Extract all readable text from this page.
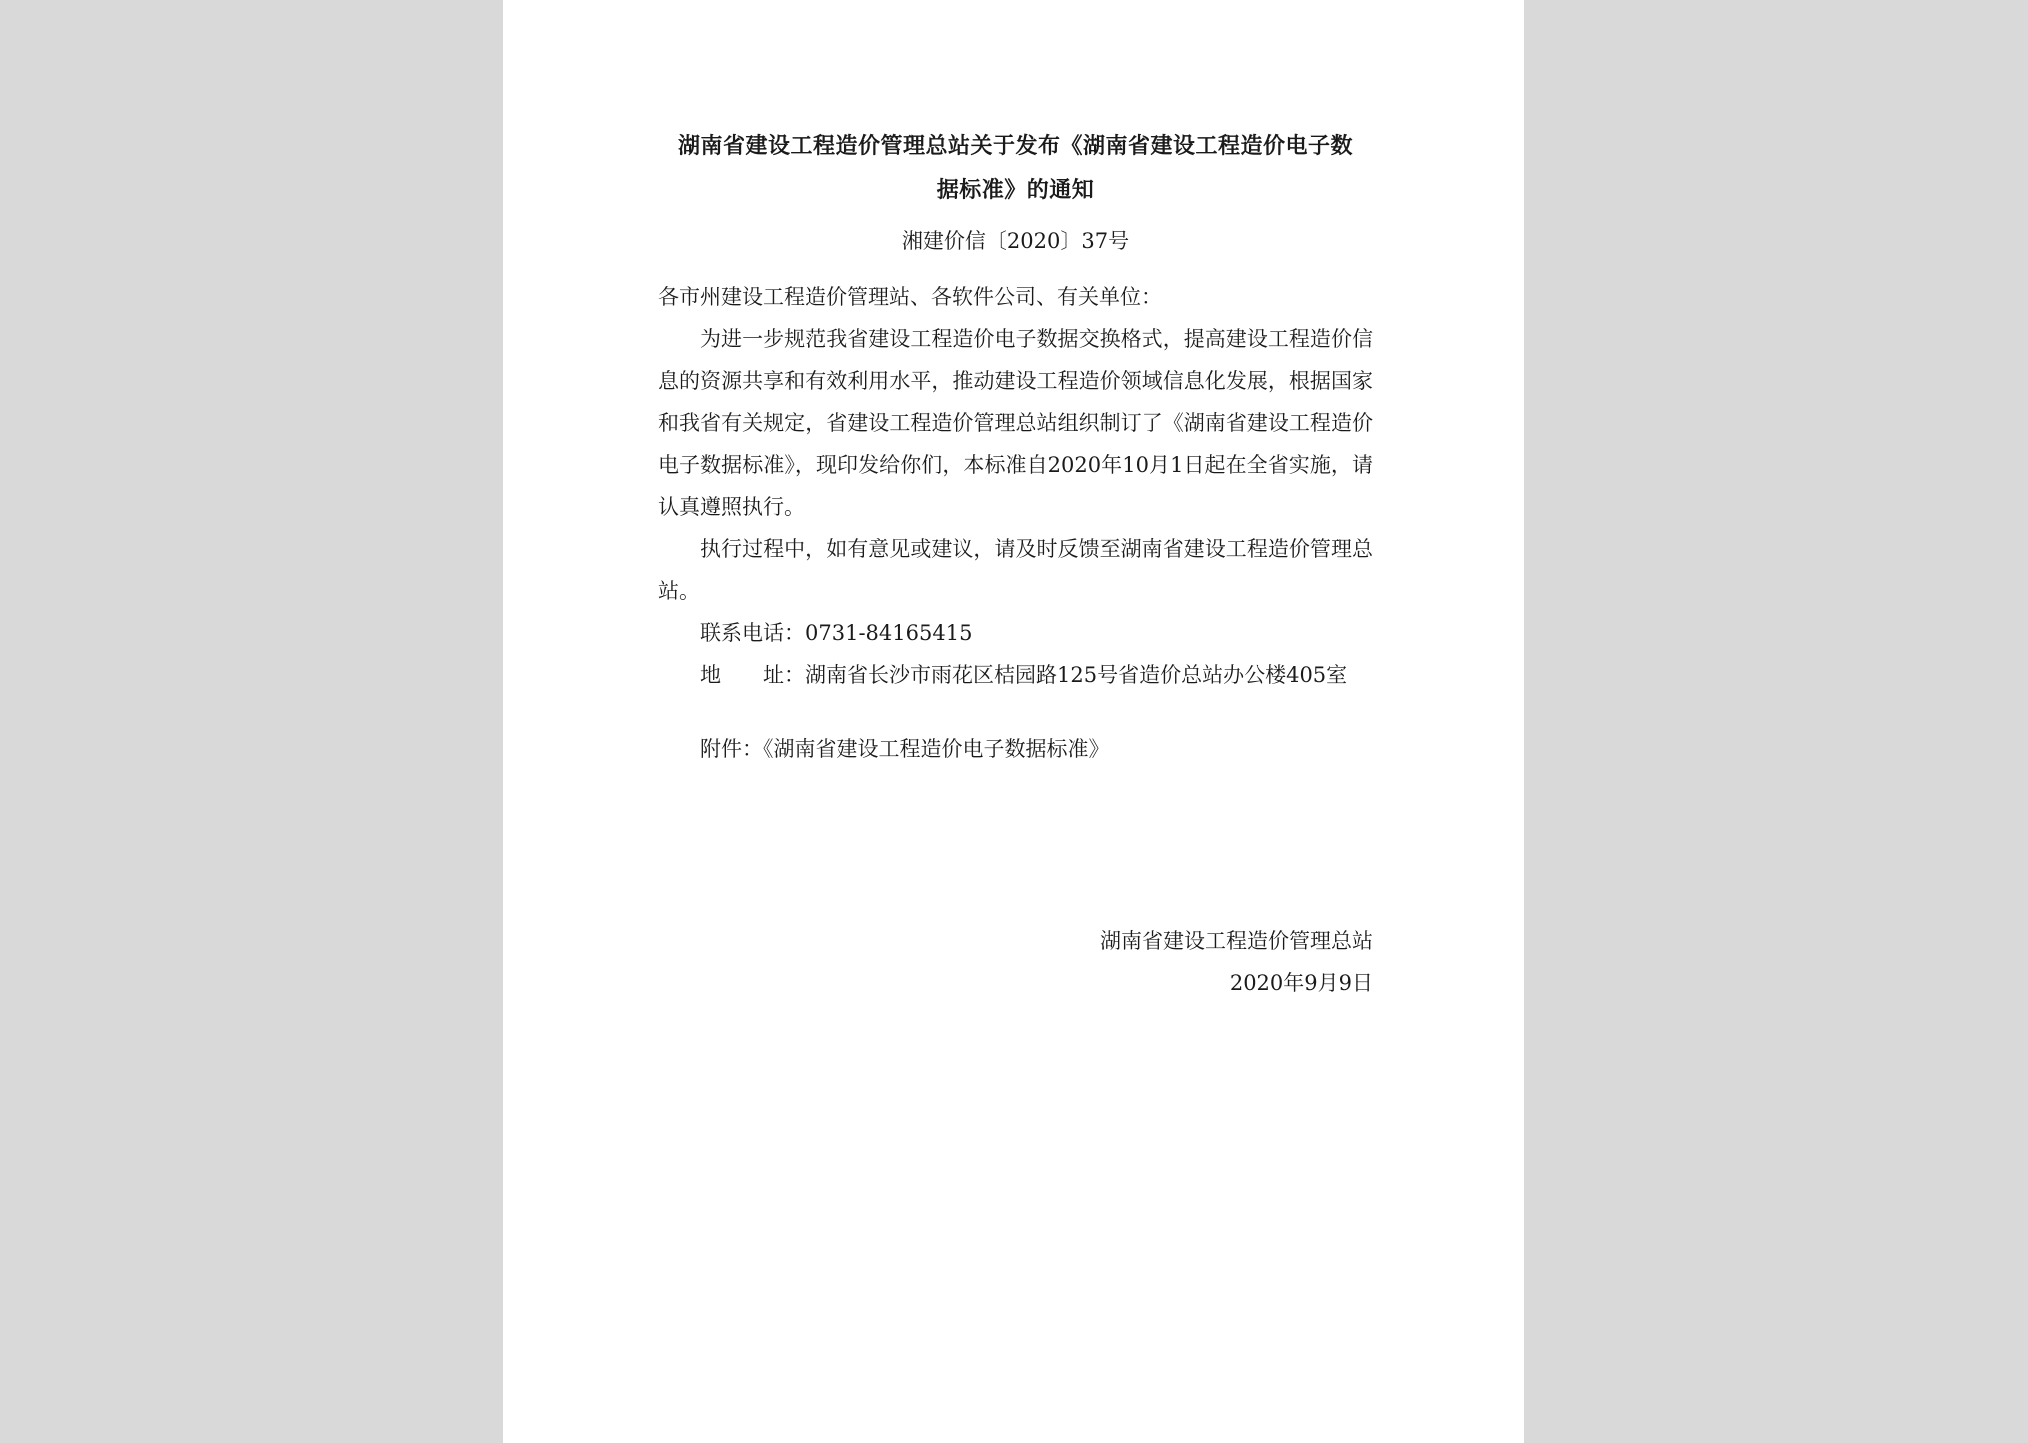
湖南省建设工程造价管理总站关于发布《湖南省建设工程造价电子数

据标准》的通知

湘建价信〔2020〕37号

各市州建设工程造价管理站、各软件公司、有关单位：

为进一步规范我省建设工程造价电子数据交换格式，提高建设工程造价信息的资源共享和有效利用水平，推动建设工程造价领域信息化发展，根据国家和我省有关规定，省建设工程造价管理总站组织制订了《湖南省建设工程造价电子数据标准》，现印发给你们，本标准自2020年10月1日起在全省实施，请认真遵照执行。

执行过程中，如有意见或建议，请及时反馈至湖南省建设工程造价管理总站。

联系电话：0731-84165415

地　　址：湖南省长沙市雨花区桔园路125号省造价总站办公楼405室

附件：《湖南省建设工程造价电子数据标准》

湖南省建设工程造价管理总站
2020年9月9日
